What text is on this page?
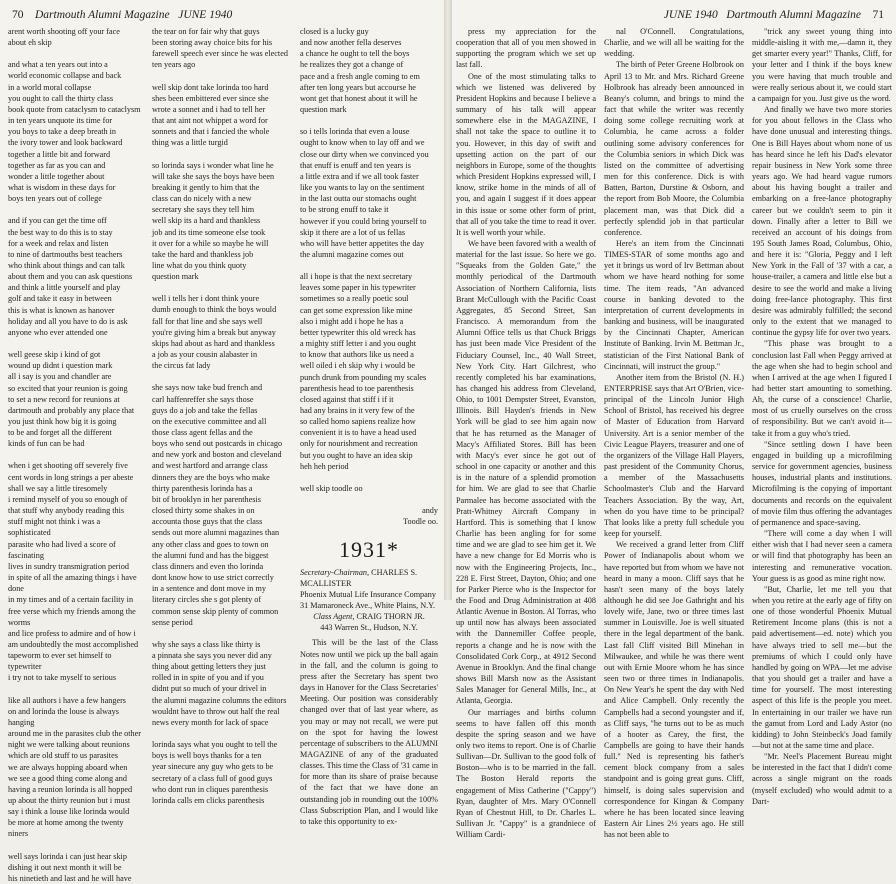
70 Dartmouth Alumni Magazine JUNE 1940

arent worth shooting off your face
about eh skip

and what a ten years out into a
world economic collapse and back
in a world moral collapse
you ought to call the thirty class
book quote from cataclysm to cataclysm
in ten years unquote its time for
you boys to take a deep breath in
the ivory tower and look backward
together a little bit and forward
together as far as you can and
wonder a little together about
what is wisdom in these days for
boys ten years out of college

and if you can get the time off
the best way to do this is to stay
for a week and relax and listen
to nine of dartmouths best teachers
who think about things and can talk
about them and you can ask questions
and think a little yourself and play
golf and take it easy in between
this is what is known as hanover
holiday and all you have to do is ask
anyone who ever attended one

well geese skip i kind of got
wound up didnt i question mark
all i say is you and chandler are
so excited that your reunion is going
to set a new record for reunions at
dartmouth and probably any place that
you just think how big it is going
to be and forget all the different
kinds of fun can be had

when i get shooting off severely five
cent words in long strings a per abeste
shall we say a little tiresomely
i remind myself of you so enough of
that stuff why anybody reading this
stuff might not think i was a sophisticated
parasite who had lived a score of fascinating
lives in sundry transmigration period
in spite of all the amazing things i have done
in my times and of a certain facility in
free verse which my friends among the worms
and lice profess to admire and of how i
am undoubtedly the most accomplished
tapeworm to ever set himself to typewriter
i try not to take myself to serious

like all authors i have a few hangers
on and lorinda the louse is always hanging
around me in the parasites club the other
night we were talking about reunions
which are old stuff to us parasites
we are always hopping aboard when
we see a good thing come along and
having a reunion lorinda is all hopped
up about the thirty reunion but i must
say i think a louse like lorinda would
be more at home among the twenty niners

well says lorinda i can just hear skip
dishing it out next month it will be
his ninetieth and last and he will have

the tear on for fair why that guys
been storing away choice bits for his
farewell speech ever since he was elected
ten years ago

well skip dont take lorinda too hard
shes been embittered ever since she
wrote a sonnet and i had to tell her
that ant aint not whippet a word for
sonnets and that i fancied the whole
thing was a little turgid

so lorinda says i wonder what line he
will take she says the boys have been
breaking it gently to him that the
class can do nicely with a new
secretary she says they tell him
well skip its a hard and thankless
job and its time someone else took
it over for a while so maybe he will
take the hard and thankless job
line what do you think quoty
question mark

well i tells her i dont think youre
dumb enough to think the boys would
fall for that line and she says well
you're giving him a break but anyway
skips had about as hard and thankless
a job as your cousin alabaster in
the circus fat lady

she says now take bud french and
carl haffenreffer she says those
guys do a job and take the fellas
on the executive committee and all
those class agent fellas and the
boys who send out postcards in chicago
and new york and boston and cleveland
and west hartford and arrange class
dinners they are the boys who make
thirty parenthesis lorinda has a
bit of brooklyn in her parenthesis
closed thirty some shakes in on
accounta those guys that the class
sends out more alumni magazines than
any other class and goes to town on
the alumni fund and has the biggest
class dinners and even tho lorinda
dont know how to use strict correctly
in a sentence and dont move in my
literary circles she s got plenty of
common sense skip plenty of common
sense period

why she says a class like thirty is
a pinnata she says you never did any
thing about getting letters they just
rolled in in spite of you and if you
didnt put so much of your drivel in
the alumni magazine columns the editors
wouldnt have to throw out half the real
news every month for lack of space

lorinda says what you ought to tell the
boys is well boys thanks for a ten
year sinecure any guy who gets to be
secretary of a class full of good guys
who dont run in cliques parenthesis
lorinda calls em clicks parenthesis

closed is a lucky guy
and now another fella deserves
a chance he ought to tell the boys
he realizes they got a change of
pace and a fresh angle coming to em
after ten long years but accourse he
wont get that honest about it will he
question mark

so i tells lorinda that even a louse
ought to know when to lay off and we
close our dirty when we convinced you
that enuff is enuff and ten years is
a little extra and if we all took faster
like you wants to lay on the sentiment
in the last outta our stomachs ought
to be strong enuff to take it
however if you could bring yourself to
skip it there are a lot of us fellas
who will have better appetites the day
the alumni magazine comes out

all i hope is that the next secretary
leaves some paper in his typewriter
sometimes so a really poetic soul
can get some expression like mine
also i might add i hope he has a
better typewriter this old wreck has
a mighty stiff letter i and you ought
to know that authors like us need a
well oiled i eh skip why i would be
punch drunk from pounding my scales
parenthesis head to toe parenthesis
closed against that stiff i if it
had any brains in it very few of the
so called homo sapiens realize how
convenient it is to have a head used
only for nourishment and recreation
but you ought to have an idea skip
heh heh period

well skip toodle oo

andy

Toodle oo.

1931*

Secretary-Chairman, CHARLES S. MCALLISTER

Phoenix Mutual Life Insurance Company
31 Mamaroneck Ave., White Plains, N.Y.

Class Agent, CRAIG THORN JR.

443 Warren St., Hudson, N.Y.

This will be the last of the Class Notes now until we pick up the ball again in the fall, and the column is going to press after the Secretary has spent two days in Hanover for the Class Secretaries' Meeting. Our position was considerably changed over that of last year where, as you may or may not recall, we were put on the spot for having the lowest percentage of subscribers to the ALUMNI MAGAZINE of any of the graduated classes. This time the Class of '31 came in for more than its share of praise because of the fact that we have done an outstanding job in rounding out the 100% Class Subscription Plan, and I would like to take this opportunity to ex-

JUNE 1940 Dartmouth Alumni Magazine 71

press my appreciation for the cooperation that all of you men showed in supporting the program which we set up last fall.

One of the most stimulating talks to which we listened was delivered by President Hopkins and because I believe a summary of his talk will appear somewhere else in the MAGAZINE, I shall not take the space to outline it to you. However, in this day of swift and upsetting action on the part of our neighbors in Europe, some of the thoughts which President Hopkins expressed will, I know, strike home in the minds of all of you, and again I suggest if it does appear in this issue or some other form of print, that all of you take the time to read it over. It is well worth your while.

We have been favored with a wealth of material for the last issue. So here we go. "Squeaks from the Golden Gate," the monthly periodical of the Dartmouth Association of Northern California, lists Brant McCullough with the Pacific Coast Aggregates, 85 Second Street, San Francisco. A memorandum from the Alumni Office tells us that Chuck Briggs has just been made Vice President of the Fiduciary Counsel, Inc., 40 Wall Street, New York City. Hart Gilchrest, who recently completed his bar examinations, has changed his address from Cleveland, Ohio, to 1001 Dempster Street, Evanston, Illinois. Bill Hayden's friends in New York will be glad to see him again now that he has returned as the Manager of Macy's Affiliated Stores. Bill has been with Macy's ever since he got out of school in one capacity or another and this is in the nature of a splendid promotion for him. We are glad to see that Charlie Parmalee has become associated with the Pratt-Whitney Aircraft Company in Hartford. This is something that I know Charlie has been angling for for some time and we are glad to see him get it. We have a new change for Ed Morris who is now with the Engineering Projects, Inc., 228 E. First Street, Dayton, Ohio; and one for Parker Pierce who is the Inspector for the Food and Drug Administration at 408 Atlantic Avenue in Boston. Al Torras, who up until now has always been associated with the Dannemiller Coffee people, reports a change and he is now with the Consolidated Cork Corp., at 4912 Second Avenue in Brooklyn. And the final change shows Bill Marsh now as the Assistant Sales Manager for General Mills, Inc., at Atlanta, Georgia.

Our marriages and births column seems to have fallen off this month despite the spring season and we have only two items to report. One is of Charlie Sullivan—Dr. Sullivan to the good folk of Boston—who is to be married in the fall. The Boston Herald reports the engagement of Miss Catherine ("Cappy") Ryan, daughter of Mrs. Mary O'Connell Ryan of Chestnut Hill, to Dr. Charles L. Sullivan Jr. "Cappy" is a grandniece of William Cardi-

nal O'Connell. Congratulations, Charlie, and we will all be waiting for the wedding.

The birth of Peter Greene Holbrook on April 13 to Mr. and Mrs. Richard Greene Holbrook has already been announced in Beany's column, and brings to mind the fact that while the writer was recently doing some college recruiting work at Columbia, he came across a folder outlining some advisory conferences for the Columbia seniors in which Dick was listed on the committee of advertising men for this conference. Dick is with Batten, Barton, Durstine & Osborn, and the report from Bob Moore, the Columbia placement man, was that Dick did a perfectly splendid job in that particular conference.

Here's an item from the Cincinnati TIMES-STAR of some months ago and yet it brings us word of Irv Bettman about whom we have heard nothing for some time. The item reads, "An advanced course in banking devoted to the interpretation of current developments in banking and business, will be inaugurated by the Cincinnati Chapter, American Institute of Banking. Irvin M. Bettman Jr., statistician of the First National Bank of Cincinnati, will instruct the group."

Another item from the Bristol (N. H.) ENTERPRISE says that Art O'Brien, vice-principal of the Lincoln Junior High School of Bristol, has received his degree of Master of Education from Harvard University. Art is a senior member of the Civic League Players, treasurer and one of the organizers of the Village Hall Players, past president of the Community Chorus, a member of the Massachusetts Schoolmaster's Club and the Harvard Teachers Association. By the way, Art, when do you have time to be principal? That looks like a pretty full schedule you keep for yourself.

We received a grand letter from Cliff Power of Indianapolis about whom we have reported but from whom we have not heard in many a moon. Cliff says that he hasn't seen many of the boys lately although he did see Joe Gathright and his lovely wife, Jane, two or three times last summer in Louisville. Joe is well situated there in the legal department of the bank. Last fall Cliff visited Bill Minehan in Milwaukee, and while he was there went out with Ernie Moore whom he has since seen two or three times in Indianapolis. On New Year's he spent the day with Ned and Alice Campbell. Only recently the Campbells had a second youngster and if, as Cliff says, "he turns out to be as much of a hooter as Carey, the first, the Campbells are going to have their hands full." Ned is representing his father's cement block company from a sales standpoint and is going great guns. Cliff, himself, is doing sales supervision and correspondence for Kingan & Company where he has been located since leaving Eastern Air Lines 2½ years ago. He still has not been able to

"trick any sweet young thing into middle-aisling it with me,—damn it, they get smarter every year!" Thanks, Cliff, for your letter and I think if the boys knew you were having that much trouble and were really serious about it, we could start a campaign for you. Just give us the word.

And finally we have two more stories for you about fellows in the Class who have done unusual and interesting things. One is Bill Hayes about whom none of us has heard since he left his Dad's elevator repair business in New York some three years ago. We had heard vague rumors about his having bought a trailer and embarking on a free-lance photography career but we couldn't seem to pin it down. Finally after a letter to Bill we received an account of his doings from 195 South James Road, Columbus, Ohio, and here it is: "Gloria, Peggy and I left New York in the Fall of '37 with a car, a house-trailer, a camera and little else but a desire to see the world and make a living doing free-lance photography. This first desire was admirably fulfilled; the second only to the extent that we managed to continue the gypsy life for over two years.

"This phase was brought to a conclusion last Fall when Peggy arrived at the age when she had to begin school and when I arrived at the age when I figured I had better start amounting to something. Ah, the curse of a conscience! Charlie, most of us cruelly ourselves on the cross of responsibility. But we can't avoid it—take it from a guy who's tried.

"Since settling down I have been engaged in building up a microfilming service for government agencies, business houses, industrial plants and institutions. Microfilming is the copying of important documents and records on the equivalent of movie film thus offering the advantages of permanence and space-saving.

"There will come a day when I will either wish that I had never seen a camera or will find that photography has been an interesting and remunerative vocation. Your guess is as good as mine right now.

"But, Charlie, let me tell you that when you retire at the early age of fifty on one of those wonderful Phoenix Mutual Retirement Income plans (this is not a paid advertisement—ed. note) which you have always tried to sell me—but the premiums of which I could only have handled by going on WPA—let me advise that you should get a trailer and have a time for yourself. The most interesting aspect of this life is the people you meet. In entertaining in our trailer we have run the gamut from Lord and Lady Astor (no kidding) to John Steinbeck's Joad family—but not at the same time and place.

"Mr. Neel's Placement Bureau might be interested in the fact that I didn't come across a single migrant on the roads (myself excluded) who would admit to a Dart-
